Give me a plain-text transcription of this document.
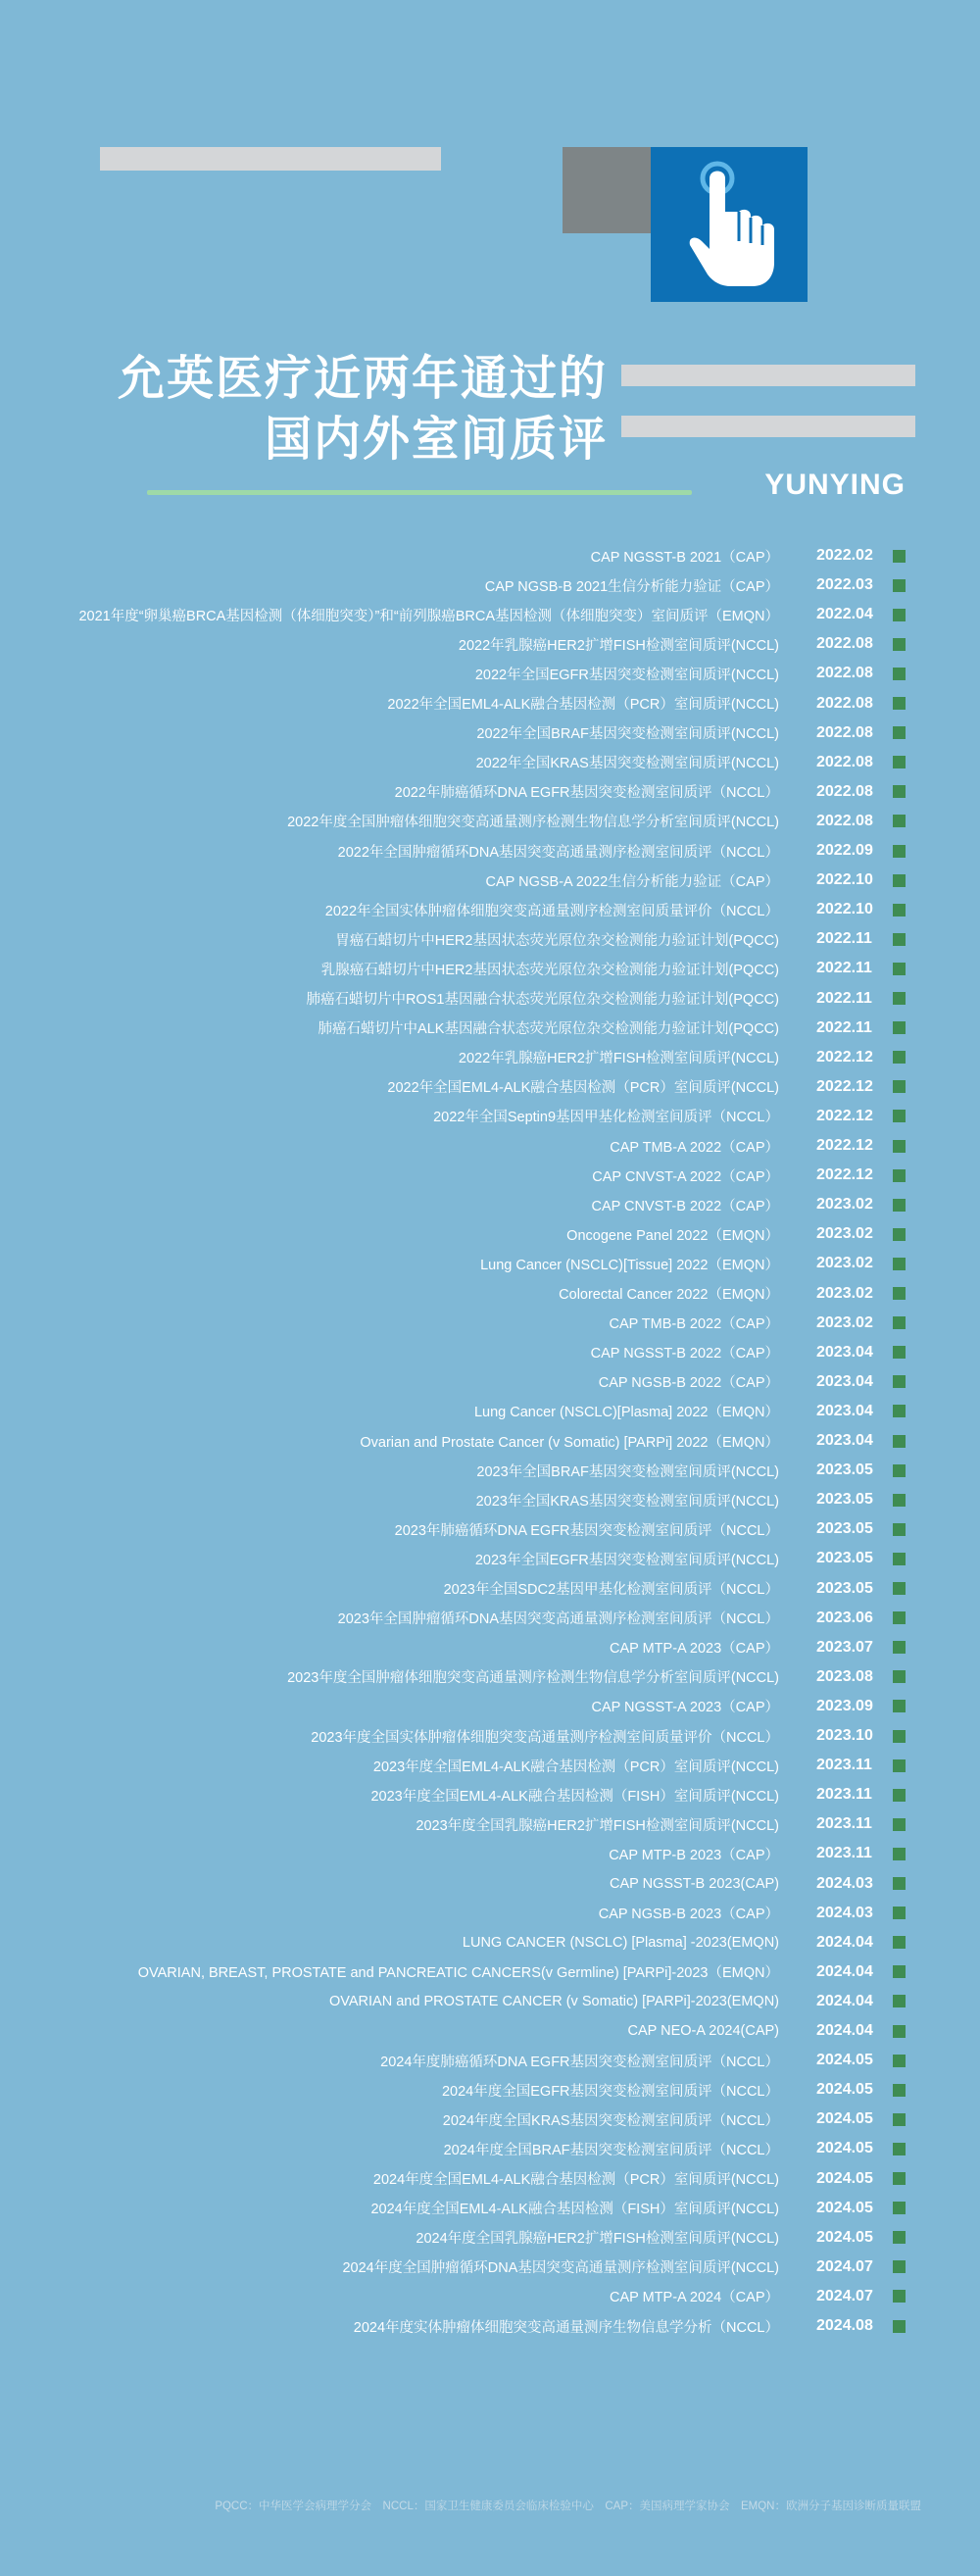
允英医疗近两年通过的
国内外室间质评
YUNYING
CAP NGSST-B 2021（CAP） 2022.02
CAP NGSB-B 2021生信分析能力验证（CAP） 2022.03
2021年度“卵巢癌BRCA基因检测（体细胞突变）”和“前列腺癌BRCA基因检测（体细胞突变）室间质评（EMQN） 2022.04
2022年乳腺癌HER2扩增FISH检测室间质评(NCCL) 2022.08
2022年全国EGFR基因突变检测室间质评(NCCL) 2022.08
2022年全国EML4-ALK融合基因检测（PCR）室间质评(NCCL) 2022.08
2022年全国BRAF基因突变检测室间质评(NCCL) 2022.08
2022年全国KRAS基因突变检测室间质评(NCCL) 2022.08
2022年肺癌循环DNA EGFR基因突变检测室间质评（NCCL） 2022.08
2022年度全国肿瘤体细胞突变高通量测序检测生物信息学分析室间质评(NCCL) 2022.08
2022年全国肿瘤循环DNA基因突变高通量测序检测室间质评（NCCL） 2022.09
CAP NGSB-A 2022生信分析能力验证（CAP） 2022.10
2022年全国实体肿瘤体细胞突变高通量测序检测室间质量评价（NCCL） 2022.10
胃癌石蜡切片中HER2基因状态荧光原位杂交检测能力验证计划(PQCC) 2022.11
乳腺癌石蜡切片中HER2基因状态荧光原位杂交检测能力验证计划(PQCC) 2022.11
肺癌石蜡切片中ROS1基因融合状态荧光原位杂交检测能力验证计划(PQCC) 2022.11
肺癌石蜡切片中ALK基因融合状态荧光原位杂交检测能力验证计划(PQCC) 2022.11
2022年乳腺癌HER2扩增FISH检测室间质评(NCCL) 2022.12
2022年全国EML4-ALK融合基因检测（PCR）室间质评(NCCL) 2022.12
2022年全国Septin9基因甲基化检测室间质评（NCCL） 2022.12
CAP TMB-A 2022（CAP） 2022.12
CAP CNVST-A 2022（CAP） 2022.12
CAP CNVST-B 2022（CAP） 2023.02
Oncogene Panel 2022（EMQN） 2023.02
Lung Cancer (NSCLC)[Tissue] 2022（EMQN） 2023.02
Colorectal Cancer 2022（EMQN） 2023.02
CAP TMB-B 2022（CAP） 2023.02
CAP NGSST-B 2022（CAP） 2023.04
CAP NGSB-B 2022（CAP） 2023.04
Lung Cancer (NSCLC)[Plasma] 2022（EMQN） 2023.04
Ovarian and Prostate Cancer (v Somatic) [PARPi] 2022（EMQN） 2023.04
2023年全国BRAF基因突变检测室间质评(NCCL) 2023.05
2023年全国KRAS基因突变检测室间质评(NCCL) 2023.05
2023年肺癌循环DNA EGFR基因突变检测室间质评（NCCL） 2023.05
2023年全国EGFR基因突变检测室间质评(NCCL) 2023.05
2023年全国SDC2基因甲基化检测室间质评（NCCL） 2023.05
2023年全国肿瘤循环DNA基因突变高通量测序检测室间质评（NCCL） 2023.06
CAP MTP-A 2023（CAP） 2023.07
2023年度全国肿瘤体细胞突变高通量测序检测生物信息学分析室间质评(NCCL) 2023.08
CAP NGSST-A 2023（CAP） 2023.09
2023年度全国实体肿瘤体细胞突变高通量测序检测室间质量评价（NCCL） 2023.10
2023年度全国EML4-ALK融合基因检测（PCR）室间质评(NCCL) 2023.11
2023年度全国EML4-ALK融合基因检测（FISH）室间质评(NCCL) 2023.11
2023年度全国乳腺癌HER2扩增FISH检测室间质评(NCCL) 2023.11
CAP MTP-B 2023（CAP） 2023.11
CAP NGSST-B 2023(CAP) 2024.03
CAP NGSB-B 2023（CAP） 2024.03
LUNG CANCER (NSCLC) [Plasma] -2023(EMQN) 2024.04
OVARIAN, BREAST, PROSTATE and PANCREATIC CANCERS(v Germline) [PARPi]-2023（EMQN） 2024.04
OVARIAN and PROSTATE CANCER (v Somatic) [PARPi]-2023(EMQN) 2024.04
CAP NEO-A 2024(CAP) 2024.04
2024年度肺癌循环DNA EGFR基因突变检测室间质评（NCCL） 2024.05
2024年度全国EGFR基因突变检测室间质评（NCCL） 2024.05
2024年度全国KRAS基因突变检测室间质评（NCCL） 2024.05
2024年度全国BRAF基因突变检测室间质评（NCCL） 2024.05
2024年度全国EML4-ALK融合基因检测（PCR）室间质评(NCCL) 2024.05
2024年度全国EML4-ALK融合基因检测（FISH）室间质评(NCCL) 2024.05
2024年度全国乳腺癌HER2扩增FISH检测室间质评(NCCL) 2024.05
2024年度全国肿瘤循环DNA基因突变高通量测序检测室间质评(NCCL) 2024.07
CAP MTP-A 2024（CAP） 2024.07
2024年度实体肿瘤体细胞突变高通量测序生物信息学分析（NCCL） 2024.08
PQCC：中华医学会病理学分会　NCCL：国家卫生健康委员会临床检验中心　CAP：美国病理学家协会　EMQN：欧洲分子基因诊断质量联盟
